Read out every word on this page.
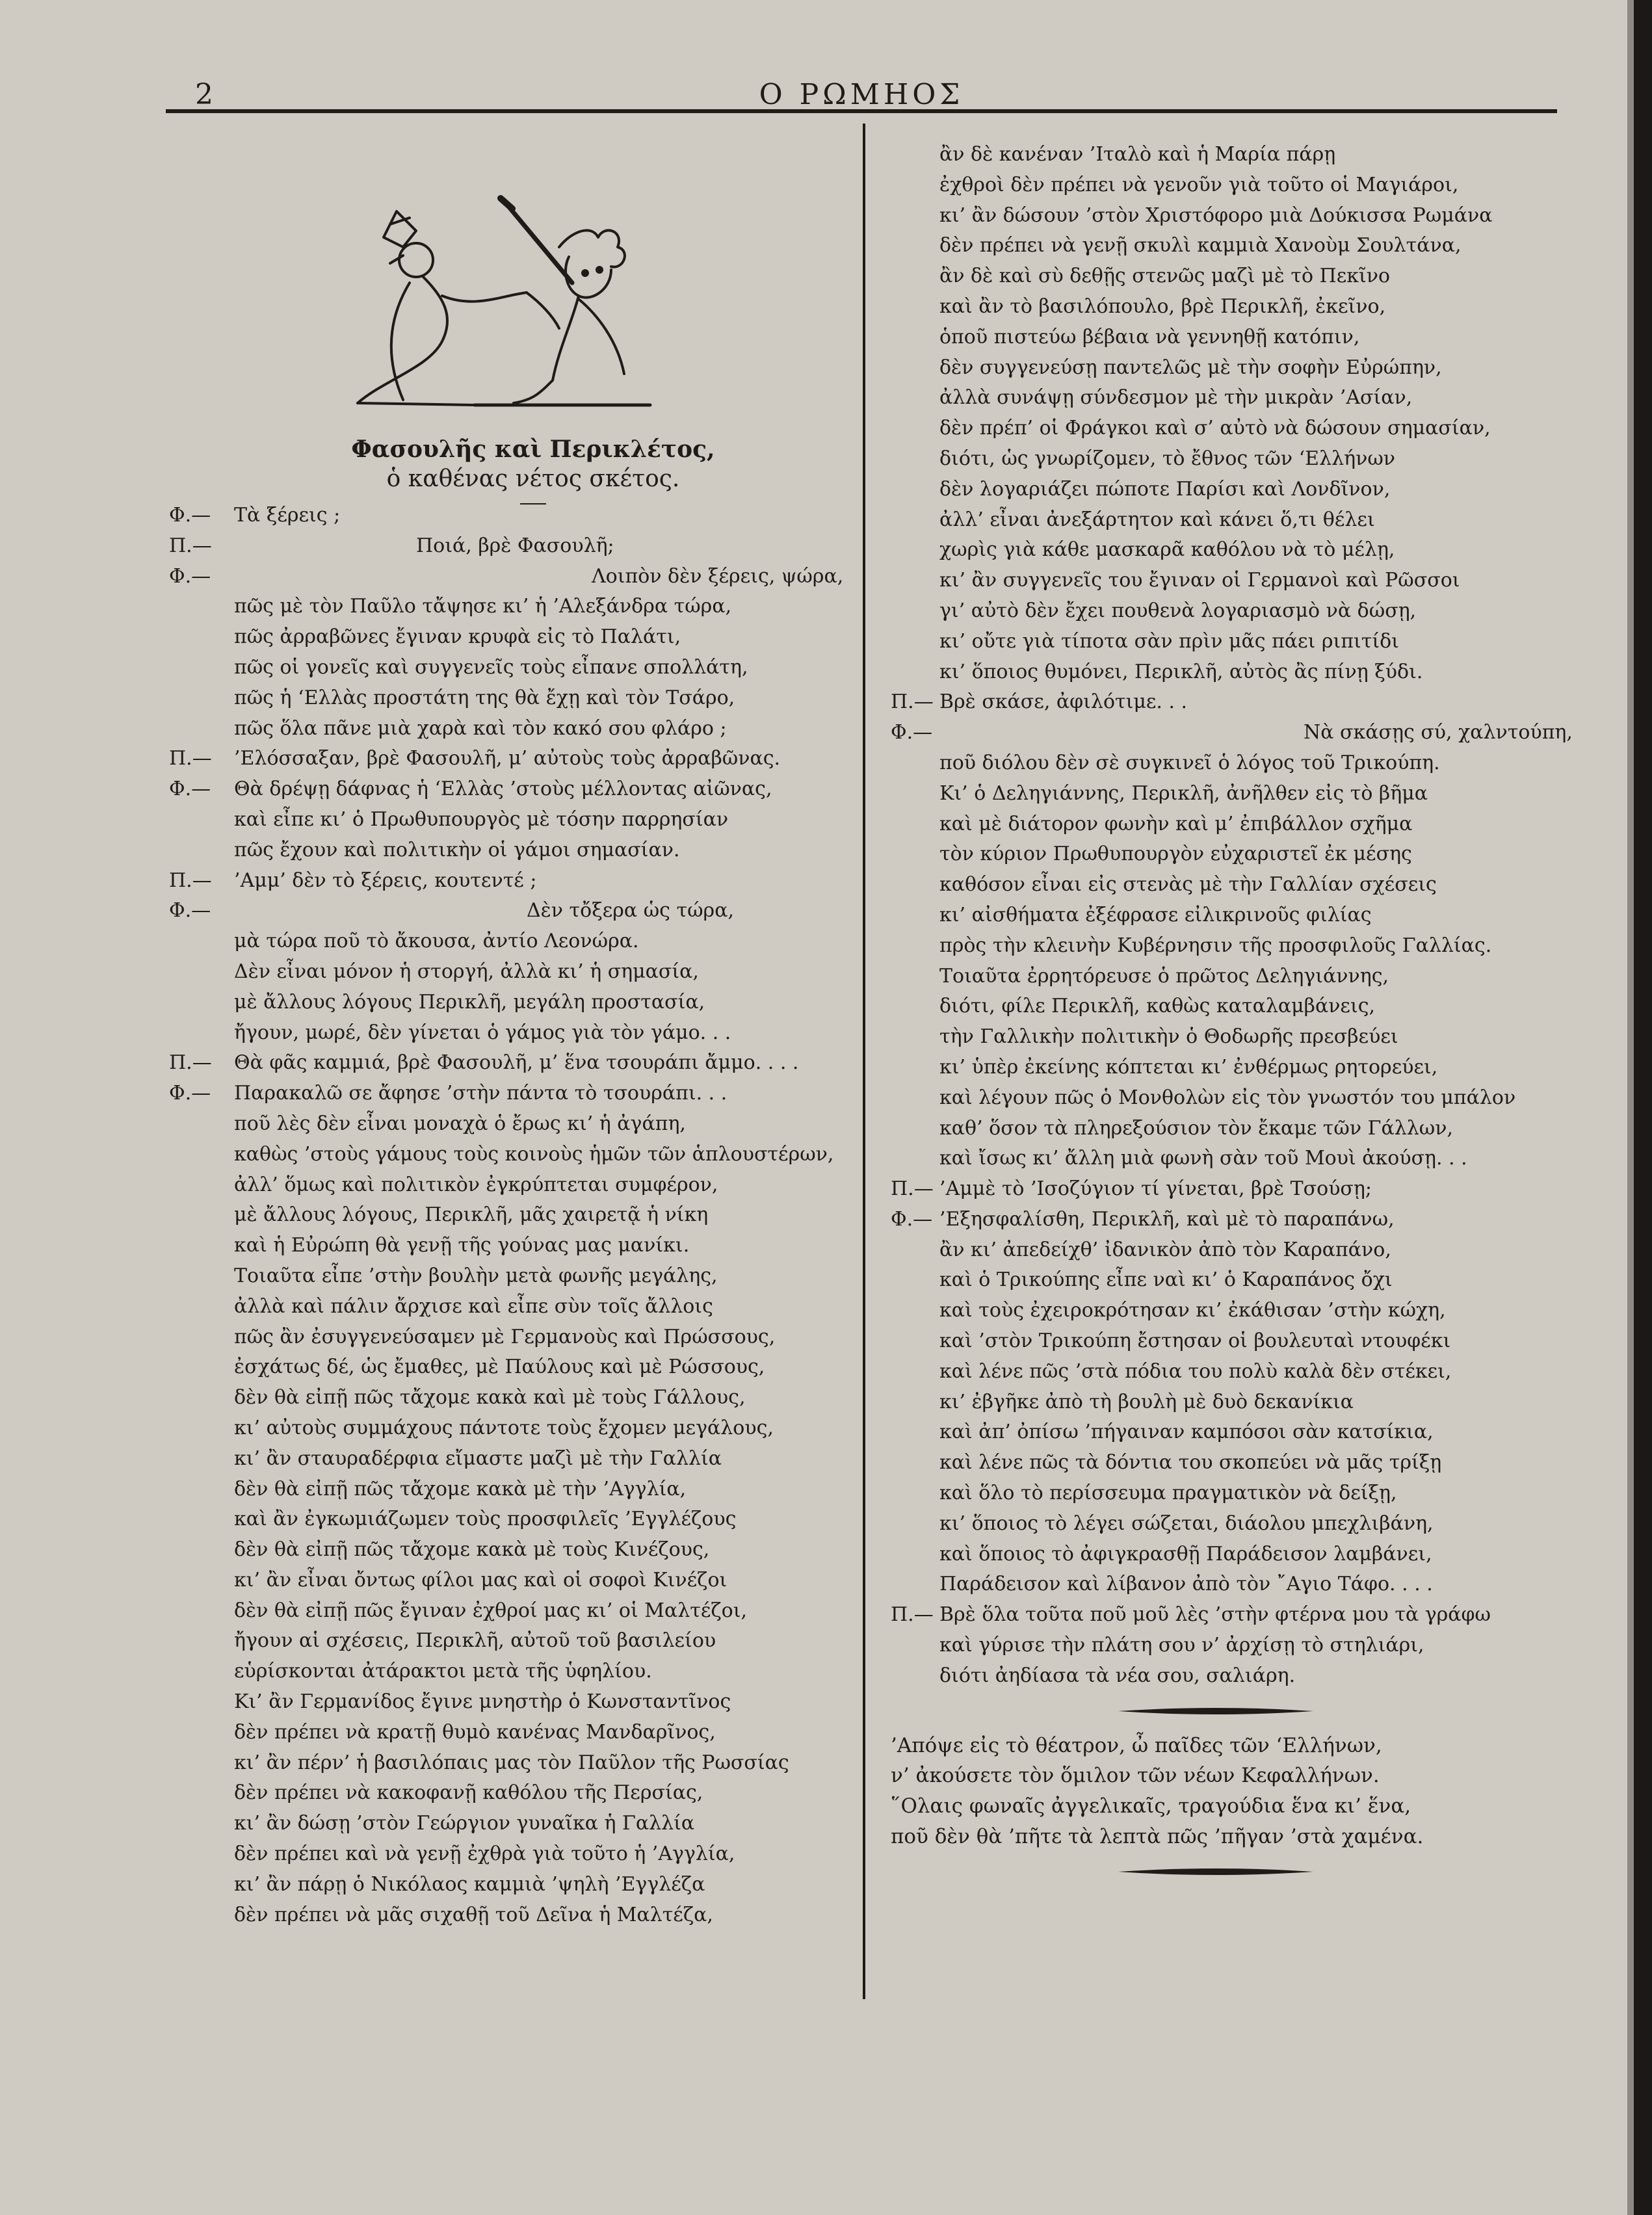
2	Ο ΡΩΜΗΟΣ
Φασουλῆς καὶ Περικλέτος,
ὁ καθένας νέτος σκέτος.
Φ.— Τὰ ξέρεις ;
Π.—	Ποιά, βρὲ Φασουλῆ;
Φ.—	Λοιπὸν δὲν ξέρεις, ψώρα,
πῶς μὲ τὸν Παῦλο τἄψησε κι’ ἡ ’Αλεξάνδρα τώρα,
πῶς ἀρραβῶνες ἔγιναν κρυφὰ εἰς τὸ Παλάτι,
πῶς οἱ γονεῖς καὶ συγγενεῖς τοὺς εἶπανε σπολλάτη,
πῶς ἡ ‘Ελλὰς προστάτη της θὰ ἔχῃ καὶ τὸν Τσάρο,
πῶς ὅλα πᾶνε μιὰ χαρὰ καὶ τὸν κακό σου φλάρο ;
Π.— ’Ελόσσαξαν, βρὲ Φασουλῆ, μ’ αὐτοὺς τοὺς ἀρραβῶνας.
Φ.— Θὰ δρέψῃ δάφνας ἡ ‘Ελλὰς ’στοὺς μέλλοντας αἰῶνας,
καὶ εἶπε κι’ ὁ Πρωθυπουργὸς μὲ τόσην παρρησίαν
πῶς ἔχουν καὶ πολιτικὴν οἱ γάμοι σημασίαν.
Π.— ’Αμμ’ δὲν τὸ ξέρεις, κουτεντέ ;
Φ.—	Δὲν τὄξερα ὡς τώρα,
μὰ τώρα ποῦ τὸ ἄκουσα, ἀντίο Λεονώρα.
Δὲν εἶναι μόνον ἡ στοργή, ἀλλὰ κι’ ἡ σημασία,
μὲ ἄλλους λόγους Περικλῆ, μεγάλη προστασία,
ἤγουν, μωρέ, δὲν γίνεται ὁ γάμος γιὰ τὸν γάμο. . .
Π.— Θὰ φᾶς καμμιά, βρὲ Φασουλῆ, μ’ ἕνα τσουράπι ἄμμο. . . .
Φ.— Παρακαλῶ σε ἄφησε ’στὴν πάντα τὸ τσουράπι. . .
ποῦ λὲς δὲν εἶναι μοναχὰ ὁ ἔρως κι’ ἡ ἀγάπη,
καθὼς ’στοὺς γάμους τοὺς κοινοὺς ἡμῶν τῶν ἁπλουστέρων,
ἀλλ’ ὅμως καὶ πολιτικὸν ἐγκρύπτεται συμφέρον,
μὲ ἄλλους λόγους, Περικλῆ, μᾶς χαιρετᾷ ἡ νίκη
καὶ ἡ Εὐρώπη θὰ γενῇ τῆς γούνας μας μανίκι.
Τοιαῦτα εἶπε ’στὴν βουλὴν μετὰ φωνῆς μεγάλης,
ἀλλὰ καὶ πάλιν ἄρχισε καὶ εἶπε σὺν τοῖς ἄλλοις
πῶς ἂν ἐσυγγενεύσαμεν μὲ Γερμανοὺς καὶ Πρώσσους,
ἐσχάτως δέ, ὡς ἔμαθες, μὲ Παύλους καὶ μὲ Ρώσσους,
δὲν θὰ εἰπῇ πῶς τἄχομε κακὰ καὶ μὲ τοὺς Γάλλους,
κι’ αὐτοὺς συμμάχους πάντοτε τοὺς ἔχομεν μεγάλους,
κι’ ἂν σταυραδέρφια εἴμαστε μαζὶ μὲ τὴν Γαλλία
δὲν θὰ εἰπῇ πῶς τἄχομε κακὰ μὲ τὴν ’Αγγλία,
καὶ ἂν ἐγκωμιάζωμεν τοὺς προσφιλεῖς ’Εγγλέζους
δὲν θὰ εἰπῇ πῶς τἄχομε κακὰ μὲ τοὺς Κινέζους,
κι’ ἂν εἶναι ὄντως φίλοι μας καὶ οἱ σοφοὶ Κινέζοι
δὲν θὰ εἰπῇ πῶς ἔγιναν ἐχθροί μας κι’ οἱ Μαλτέζοι,
ἤγουν αἱ σχέσεις, Περικλῆ, αὐτοῦ τοῦ βασιλείου
εὑρίσκονται ἀτάρακτοι μετὰ τῆς ὑφηλίου.
Κι’ ἂν Γερμανίδος ἔγινε μνηστὴρ ὁ Κωνσταντῖνος
δὲν πρέπει νὰ κρατῇ θυμὸ κανένας Μανδαρῖνος,
κι’ ἂν πέρν’ ἡ βασιλόπαις μας τὸν Παῦλον τῆς Ρωσσίας
δὲν πρέπει νὰ κακοφανῇ καθόλου τῆς Περσίας,
κι’ ἂν δώσῃ ’στὸν Γεώργιον γυναῖκα ἡ Γαλλία
δὲν πρέπει καὶ νὰ γενῇ ἐχθρὰ γιὰ τοῦτο ἡ ’Αγγλία,
κι’ ἂν πάρῃ ὁ Νικόλαος καμμιὰ ’ψηλὴ ’Εγγλέζα
δὲν πρέπει νὰ μᾶς σιχαθῇ τοῦ Δεῖνα ἡ Μαλτέζα,
ἂν δὲ κανέναν ’Ιταλὸ καὶ ἡ Μαρία πάρῃ
ἐχθροὶ δὲν πρέπει νὰ γενοῦν γιὰ τοῦτο οἱ Μαγιάροι,
κι’ ἂν δώσουν ’στὸν Χριστόφορο μιὰ Δούκισσα Ρωμάνα
δὲν πρέπει νὰ γενῇ σκυλὶ καμμιὰ Χανοὺμ Σουλτάνα,
ἂν δὲ καὶ σὺ δεθῇς στενῶς μαζὶ μὲ τὸ Πεκῖνο
καὶ ἂν τὸ βασιλόπουλο, βρὲ Περικλῆ, ἐκεῖνο,
ὁποῦ πιστεύω βέβαια νὰ γεννηθῇ κατόπιν,
δὲν συγγενεύσῃ παντελῶς μὲ τὴν σοφὴν Εὐρώπην,
ἀλλὰ συνάψῃ σύνδεσμον μὲ τὴν μικρὰν ’Ασίαν,
δὲν πρέπ’ οἱ Φράγκοι καὶ σ’ αὐτὸ νὰ δώσουν σημασίαν,
διότι, ὡς γνωρίζομεν, τὸ ἔθνος τῶν ‘Ελλήνων
δὲν λογαριάζει πώποτε Παρίσι καὶ Λονδῖνον,
ἀλλ’ εἶναι ἀνεξάρτητον καὶ κάνει ὅ,τι θέλει
χωρὶς γιὰ κάθε μασκαρᾶ καθόλου νὰ τὸ μέλῃ,
κι’ ἂν συγγενεῖς του ἔγιναν οἱ Γερμανοὶ καὶ Ρῶσσοι
γι’ αὐτὸ δὲν ἔχει πουθενὰ λογαριασμὸ νὰ δώσῃ,
κι’ οὔτε γιὰ τίποτα σὰν πρὶν μᾶς πάει ριπιτίδι
κι’ ὅποιος θυμόνει, Περικλῆ, αὐτὸς ἂς πίνῃ ξύδι.
Π.— Βρὲ σκάσε, ἀφιλότιμε. . .
Φ.—	Νὰ σκάσῃς σύ, χαλντούπη,
ποῦ διόλου δὲν σὲ συγκινεῖ ὁ λόγος τοῦ Τρικούπη.
Κι’ ὁ Δεληγιάννης, Περικλῆ, ἀνῆλθεν εἰς τὸ βῆμα
καὶ μὲ διάτορον φωνὴν καὶ μ’ ἐπιβάλλον σχῆμα
τὸν κύριον Πρωθυπουργὸν εὐχαριστεῖ ἐκ μέσης
καθόσον εἶναι εἰς στενὰς μὲ τὴν Γαλλίαν σχέσεις
κι’ αἰσθήματα ἐξέφρασε εἰλικρινοῦς φιλίας
πρὸς τὴν κλεινὴν Κυβέρνησιν τῆς προσφιλοῦς Γαλλίας.
Τοιαῦτα ἐρρητόρευσε ὁ πρῶτος Δεληγιάννης,
διότι, φίλε Περικλῆ, καθὼς καταλαμβάνεις,
τὴν Γαλλικὴν πολιτικὴν ὁ Θοδωρῆς πρεσβεύει
κι’ ὑπὲρ ἐκείνης κόπτεται κι’ ἐνθέρμως ρητορεύει,
καὶ λέγουν πῶς ὁ Μονθολὼν εἰς τὸν γνωστόν του μπάλον
καθ’ ὅσον τὰ πληρεξούσιον τὸν ἔκαμε τῶν Γάλλων,
καὶ ἴσως κι’ ἄλλη μιὰ φωνὴ σὰν τοῦ Μουὶ ἀκούσῃ. . .
Π.— ’Αμμὲ τὸ ’Ισοζύγιον τί γίνεται, βρὲ Τσούσῃ;
Φ.— ’Εξησφαλίσθη, Περικλῆ, καὶ μὲ τὸ παραπάνω,
ἂν κι’ ἀπεδείχθ’ ἰδανικὸν ἀπὸ τὸν Καραπάνο,
καὶ ὁ Τρικούπης εἶπε ναὶ κι’ ὁ Καραπάνος ὄχι
καὶ τοὺς ἐχειροκρότησαν κι’ ἐκάθισαν ’στὴν κώχη,
καὶ ’στὸν Τρικούπη ἔστησαν οἱ βουλευταὶ ντουφέκι
καὶ λένε πῶς ’στὰ πόδια του πολὺ καλὰ δὲν στέκει,
κι’ ἐβγῆκε ἀπὸ τὴ βουλὴ μὲ δυὸ δεκανίκια
καὶ ἀπ’ ὀπίσω ’πήγαιναν καμπόσοι σὰν κατσίκια,
καὶ λένε πῶς τὰ δόντια του σκοπεύει νὰ μᾶς τρίξῃ
καὶ ὅλο τὸ περίσσευμα πραγματικὸν νὰ δείξῃ,
κι’ ὅποιος τὸ λέγει σώζεται, διάολου μπεχλιβάνη,
καὶ ὅποιος τὸ ἀφιγκρασθῇ Παράδεισον λαμβάνει,
Παράδεισον καὶ λίβανον ἀπὸ τὸν ῎Αγιο Τάφο. . . .
Π.— Βρὲ ὅλα τοῦτα ποῦ μοῦ λὲς ’στὴν φτέρνα μου τὰ γράφω
καὶ γύρισε τὴν πλάτη σου ν’ ἀρχίσῃ τὸ στηλιάρι,
διότι ἀηδίασα τὰ νέα σου, σαλιάρη.
’Απόψε εἰς τὸ θέατρον, ὦ παῖδες τῶν ‘Ελλήνων,
ν’ ἀκούσετε τὸν ὅμιλον τῶν νέων Κεφαλλήνων.
῞Ολαις φωναῖς ἀγγελικαῖς, τραγούδια ἕνα κι’ ἕνα,
ποῦ δὲν θὰ ’πῆτε τὰ λεπτὰ πῶς ’πῆγαν ’στὰ χαμένα.
